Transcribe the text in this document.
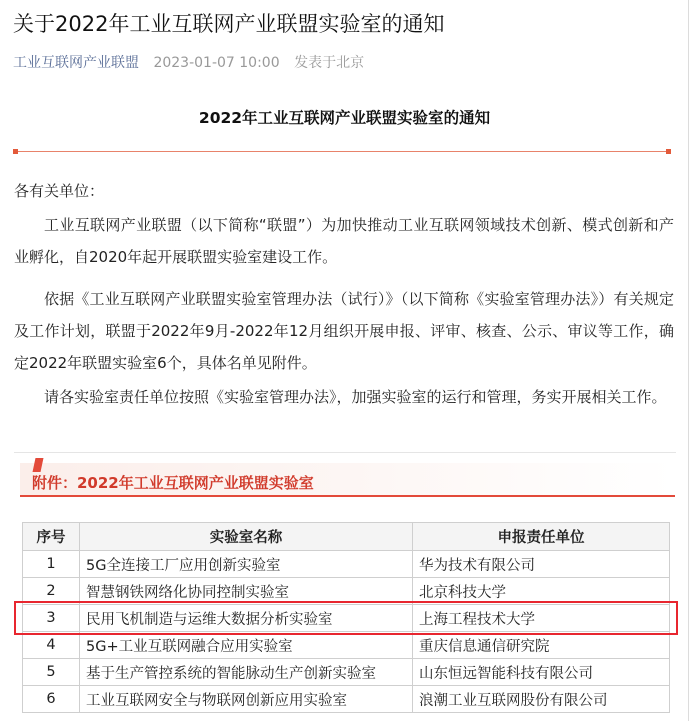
关于2022年工业互联网产业联盟实验室的通知
工业互联网产业联盟 2023-01-07 10:00 发表于北京
2022年工业互联网产业联盟实验室的通知
各有关单位：
工业互联网产业联盟（以下简称“联盟”）为加快推动工业互联网领域技术创新、模式创新和产业孵化，自2020年起开展联盟实验室建设工作。
依据《工业互联网产业联盟实验室管理办法（试行）》（以下简称《实验室管理办法》）有关规定及工作计划，联盟于2022年9月-2022年12月组织开展申报、评审、核查、公示、审议等工作，确定2022年联盟实验室6个，具体名单见附件。
请各实验室责任单位按照《实验室管理办法》，加强实验室的运行和管理，务实开展相关工作。
附件：2022年工业互联网产业联盟实验室
序号	实验室名称	申报责任单位
1	5G全连接工厂应用创新实验室	华为技术有限公司
2	智慧钢铁网络化协同控制实验室	北京科技大学
3	民用飞机制造与运维大数据分析实验室	上海工程技术大学
4	5G+工业互联网融合应用实验室	重庆信息通信研究院
5	基于生产管控系统的智能脉动生产创新实验室	山东恒远智能科技有限公司
6	工业互联网安全与物联网创新应用实验室	浪潮工业互联网股份有限公司
